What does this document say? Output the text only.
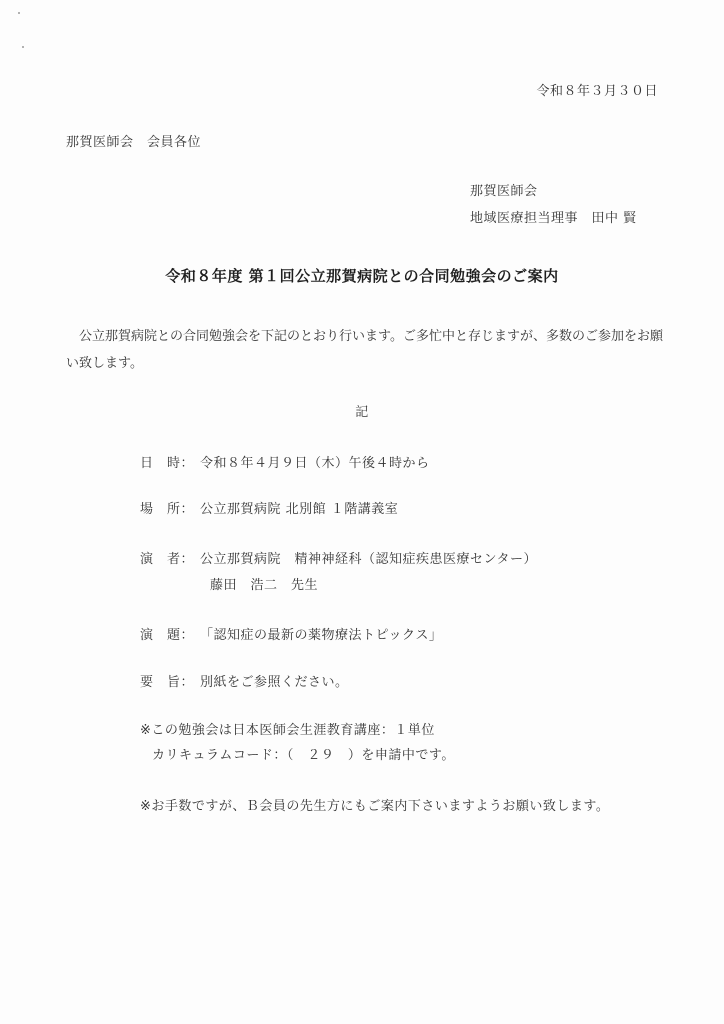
令和８年３月３０日
那賀医師会　会員各位
那賀医師会
地域医療担当理事　田中 賢
令和８年度 第１回公立那賀病院との合同勉強会のご案内
公立那賀病院との合同勉強会を下記のとおり行います。ご多忙中と存じますが、多数のご参加をお願い致します。
記
日　時： 令和８年４月９日（木）午後４時から
場　所： 公立那賀病院 北別館 １階講義室
演　者： 公立那賀病院　精神神経科（認知症疾患医療センター）
藤田　浩二　先生
演　題： 「認知症の最新の薬物療法トピックス」
要　旨： 別紙をご参照ください。
※この勉強会は日本医師会生涯教育講座：１単位
カリキュラムコード：（　２９　）を申請中です。
※お手数ですが、Ｂ会員の先生方にもご案内下さいますようお願い致します。
